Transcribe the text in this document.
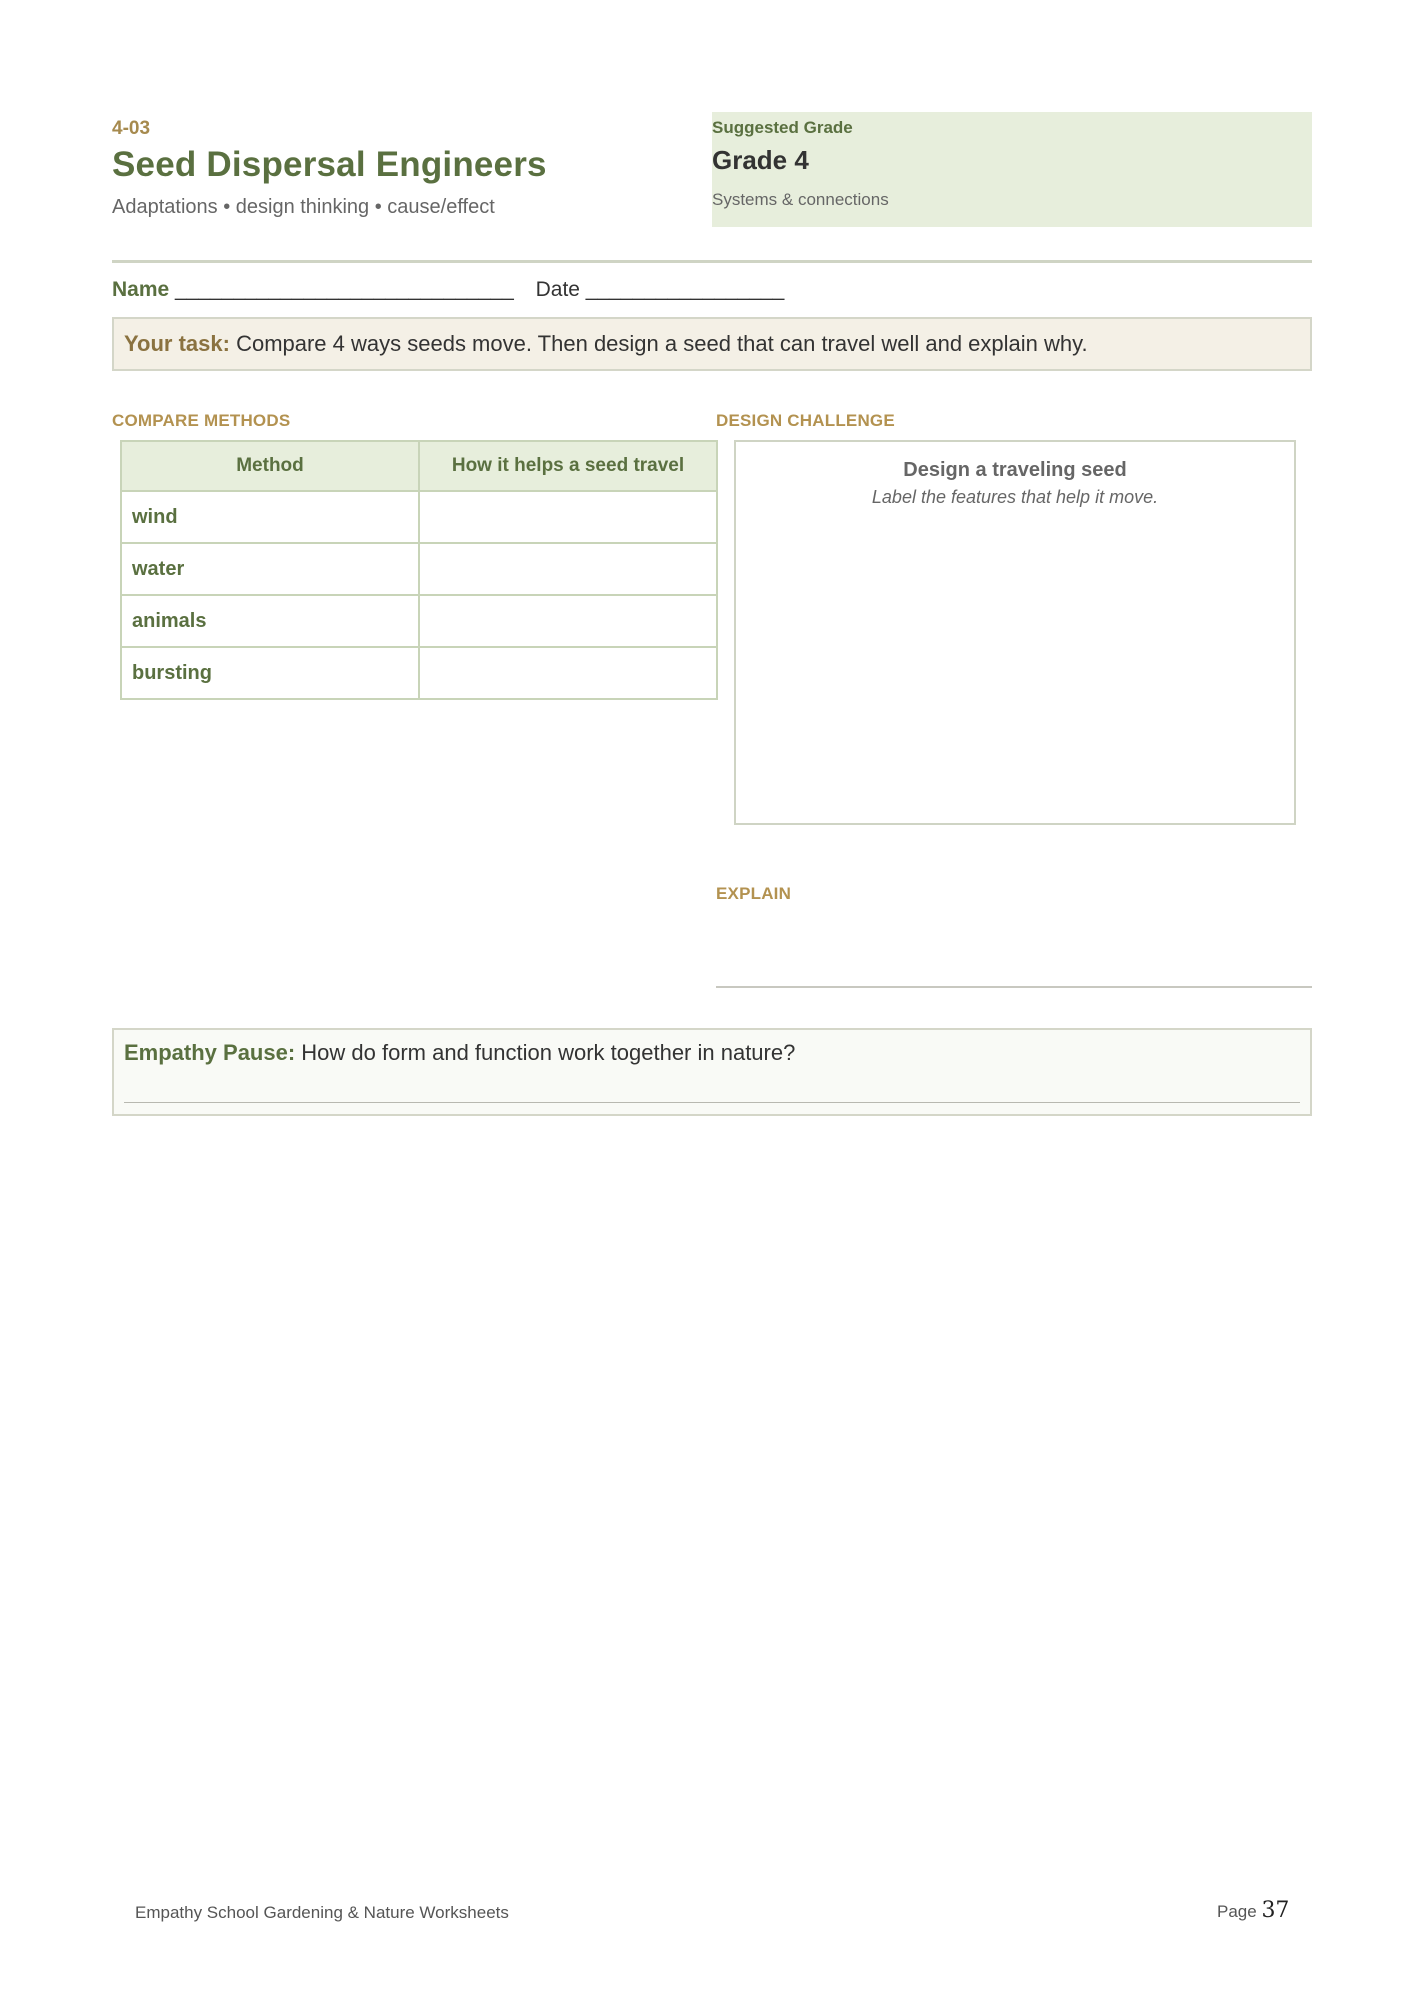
4-03
Seed Dispersal Engineers
Adaptations • design thinking • cause/effect
Suggested Grade
Grade 4
Systems & connections
Name _____________________________ Date _________________
Your task: Compare 4 ways seeds move. Then design a seed that can travel well and explain why.
COMPARE METHODS
Method	How it helps a seed travel
wind	
water	
animals	
bursting	
DESIGN CHALLENGE
Design a traveling seed
Label the features that help it move.
EXPLAIN
Empathy Pause: How do form and function work together in nature?
Empathy School Gardening & Nature Worksheets	Page 37
